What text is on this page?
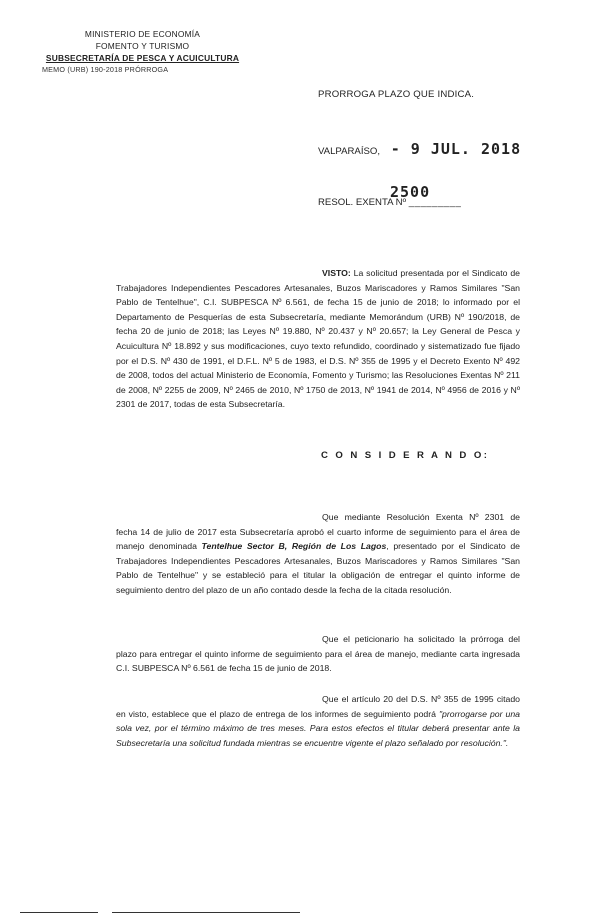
MINISTERIO DE ECONOMÍA
FOMENTO Y TURISMO
SUBSECRETARÍA DE PESCA Y ACUICULTURA
MEMO (URB) 190-2018 PRÓRROGA
PRORROGA PLAZO QUE INDICA.
VALPARAÍSO, - 9 JUL. 2018
RESOL. EXENTA Nº _________
2500
VISTO: La solicitud presentada por el Sindicato de Trabajadores Independientes Pescadores Artesanales, Buzos Mariscadores y Ramos Similares "San Pablo de Tentelhue", C.I. SUBPESCA Nº 6.561, de fecha 15 de junio de 2018; lo informado por el Departamento de Pesquerías de esta Subsecretaría, mediante Memorándum (URB) Nº 190/2018, de fecha 20 de junio de 2018; las Leyes Nº 19.880, Nº 20.437 y Nº 20.657; la Ley General de Pesca y Acuicultura Nº 18.892 y sus modificaciones, cuyo texto refundido, coordinado y sistematizado fue fijado por el D.S. Nº 430 de 1991, el D.F.L. Nº 5 de 1983, el D.S. Nº 355 de 1995 y el Decreto Exento Nº 492 de 2008, todos del actual Ministerio de Economía, Fomento y Turismo; las Resoluciones Exentas Nº 211 de 2008, Nº 2255 de 2009, Nº 2465 de 2010, Nº 1750 de 2013, Nº 1941 de 2014, Nº 4956 de 2016 y Nº 2301 de 2017, todas de esta Subsecretaría.
C O N S I D E R A N D O:
Que mediante Resolución Exenta Nº 2301 de fecha 14 de julio de 2017 esta Subsecretaría aprobó el cuarto informe de seguimiento para el área de manejo denominada Tentelhue Sector B, Región de Los Lagos, presentado por el Sindicato de Trabajadores Independientes Pescadores Artesanales, Buzos Mariscadores y Ramos Similares "San Pablo de Tentelhue" y se estableció para el titular la obligación de entregar el quinto informe de seguimiento dentro del plazo de un año contado desde la fecha de la citada resolución.
Que el peticionario ha solicitado la prórroga del plazo para entregar el quinto informe de seguimiento para el área de manejo, mediante carta ingresada C.I. SUBPESCA Nº 6.561 de fecha 15 de junio de 2018.
Que el artículo 20 del D.S. Nº 355 de 1995 citado en visto, establece que el plazo de entrega de los informes de seguimiento podrá "prorrogarse por una sola vez, por el término máximo de tres meses. Para estos efectos el titular deberá presentar ante la Subsecretaría una solicitud fundada mientras se encuentre vigente el plazo señalado por resolución.".
